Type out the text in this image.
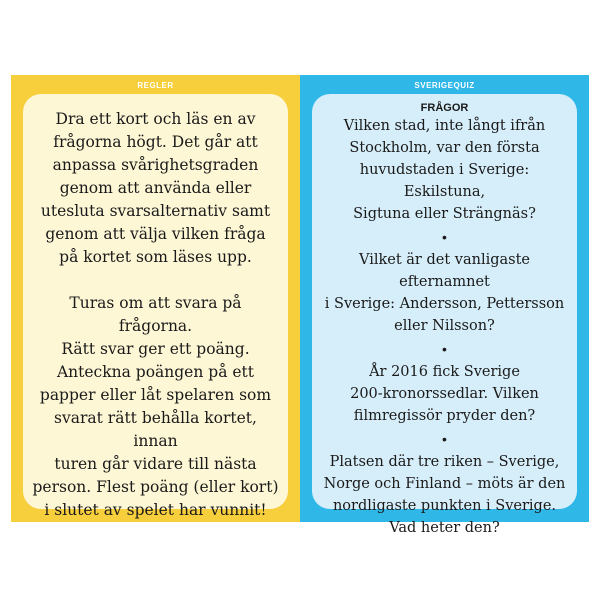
REGLER

Dra ett kort och läs en av
frågorna högt. Det går att
anpassa svårighetsgraden
genom att använda eller
utesluta svarsalternativ samt
genom att välja vilken fråga
på kortet som läses upp.

Turas om att svara på frågorna.
Rätt svar ger ett poäng.
Anteckna poängen på ett
papper eller låt spelaren som
svarat rätt behålla kortet, innan
turen går vidare till nästa
person. Flest poäng (eller kort)
i slutet av spelet har vunnit!

SVERIGEQUIZ
FRÅGOR

Vilken stad, inte långt ifrån
Stockholm, var den första
huvudstaden i Sverige: Eskilstuna,
Sigtuna eller Strängnäs?

•

Vilket är det vanligaste efternamnet
i Sverige: Andersson, Pettersson
eller Nilsson?

•

År 2016 fick Sverige
200-kronorssedlar. Vilken
filmregissör pryder den?

•

Platsen där tre riken – Sverige,
Norge och Finland – möts är den
nordligaste punkten i Sverige.
Vad heter den?
